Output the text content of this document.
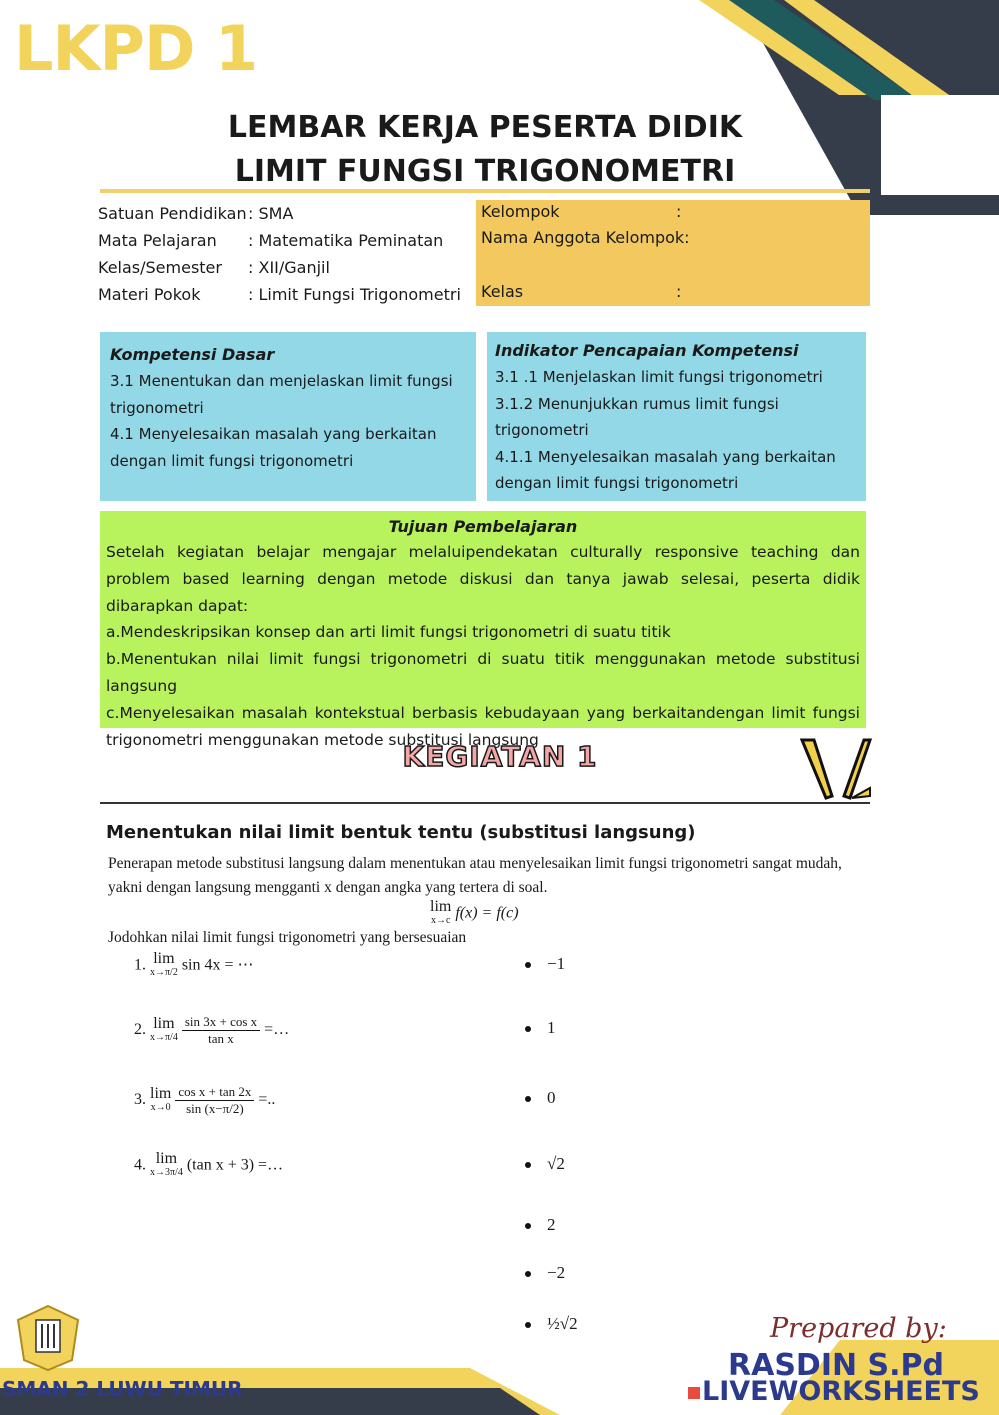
LKPD 1
LEMBAR KERJA PESERTA DIDIK
LIMIT FUNGSI TRIGONOMETRI
Satuan Pendidikan : SMA
Mata Pelajaran	: Matematika Peminatan
Kelas/Semester	: XII/Ganjil
Materi Pokok	: Limit Fungsi Trigonometri
Kelompok	:
Nama Anggota Kelompok:
Kelas	:
Kompetensi Dasar
3.1 Menentukan dan menjelaskan limit fungsi
trigonometri
4.1 Menyelesaikan masalah yang berkaitan
dengan limit fungsi trigonometri
Indikator Pencapaian Kompetensi
3.1 .1 Menjelaskan limit fungsi trigonometri
3.1.2 Menunjukkan rumus limit fungsi
trigonometri
4.1.1 Menyelesaikan masalah yang berkaitan
dengan limit fungsi trigonometri
Tujuan Pembelajaran
Setelah kegiatan belajar mengajar melaluipendekatan culturally responsive teaching dan problem based learning dengan metode diskusi dan tanya jawab selesai, peserta didik dibarapkan dapat:
a.Mendeskripsikan konsep dan arti limit fungsi trigonometri di suatu titik
b.Menentukan nilai limit fungsi trigonometri di suatu titik menggunakan metode substitusi langsung
c.Menyelesaikan masalah kontekstual berbasis kebudayaan yang berkaitandengan limit fungsi trigonometri menggunakan metode substitusi langsung
KEGIATAN 1
Menentukan nilai limit bentuk tentu (substitusi langsung)
Penerapan metode substitusi langsung dalam menentukan atau menyelesaikan limit fungsi trigonometri sangat mudah, yakni dengan langsung mengganti x dengan angka yang tertera di soal.
lim
x→c f(x) = f(c)
Jodohkan nilai limit fungsi trigonometri yang bersesuaian
1. lim
x→π/2 sin 4x = ⋯
2. lim
x→π/4
$\frac{\text{sin 3x + cos x}}{\text{tan x}}$ =…
3. lim
x→0
$\frac{\text{cos x + tan 2x}}{\sin (x-\pi/2)}$ =..
4. lim
x→3π/4 (tan x + 3) =…
−1
1
0
√2
2
−2
½√2
SMAN 2 LUWU TIMUR
Prepared by:
RASDIN S.Pd
LIVEWORKSHEETS
